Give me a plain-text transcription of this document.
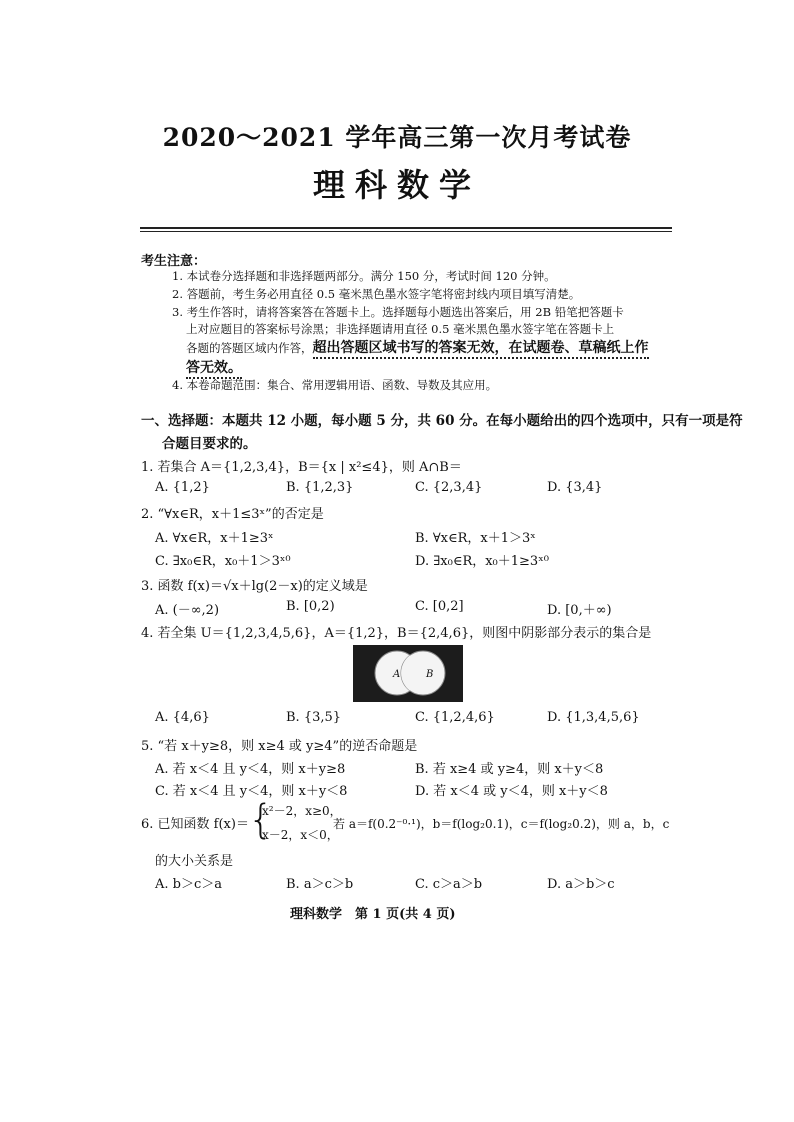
2020～2021 学年高三第一次月考试卷
理科数学
考生注意：
1. 本试卷分选择题和非选择题两部分。满分 150 分，考试时间 120 分钟。
2. 答题前，考生务必用直径 0.5 毫米黑色墨水签字笔将密封线内项目填写清楚。
3. 考生作答时，请将答案答在答题卡上。选择题每小题选出答案后，用 2B 铅笔把答题卡
上对应题目的答案标号涂黑；非选择题请用直径 0.5 毫米黑色墨水签字笔在答题卡上
各题的答题区域内作答，超出答题区域书写的答案无效，在试题卷、草稿纸上作
答无效。
4. 本卷命题范围：集合、常用逻辑用语、函数、导数及其应用。
一、选择题：本题共 12 小题，每小题 5 分，共 60 分。在每小题给出的四个选项中，只有一项是符
合题目要求的。
1. 若集合 A＝{1,2,3,4}，B＝{x | x²≤4}，则 A∩B＝
A. {1,2}	B. {1,2,3}	C. {2,3,4}	D. {3,4}
2. “∀x∈R，x＋1≤3ˣ”的否定是
A. ∀x∈R，x＋1≥3ˣ	B. ∀x∈R，x＋1＞3ˣ
C. ∃x₀∈R，x₀＋1＞3ˣ⁰	D. ∃x₀∈R，x₀＋1≥3ˣ⁰
3. 函数 f(x)＝√x＋lg(2－x)的定义域是
A. (－∞,2)	B. [0,2)	C. [0,2]	D. [0,＋∞)
4. 若全集 U＝{1,2,3,4,5,6}，A＝{1,2}，B＝{2,4,6}，则图中阴影部分表示的集合是
A	B
A. {4,6}	B. {3,5}	C. {1,2,4,6}	D. {1,3,4,5,6}
5. “若 x＋y≥8，则 x≥4 或 y≥4”的逆否命题是
A. 若 x＜4 且 y＜4，则 x＋y≥8	B. 若 x≥4 或 y≥4，则 x＋y＜8
C. 若 x＜4 且 y＜4，则 x＋y＜8	D. 若 x＜4 或 y＜4，则 x＋y＜8
6. 已知函数 f(x)＝ {
x²－2，x≥0，
x－2，x＜0，
若 a＝f(0.2⁻⁰·¹)，b＝f(log₂0.1)，c＝f(log₂0.2)，则 a，b，c
的大小关系是
A. b＞c＞a	B. a＞c＞b	C. c＞a＞b	D. a＞b＞c
理科数学　第 1 页(共 4 页)
